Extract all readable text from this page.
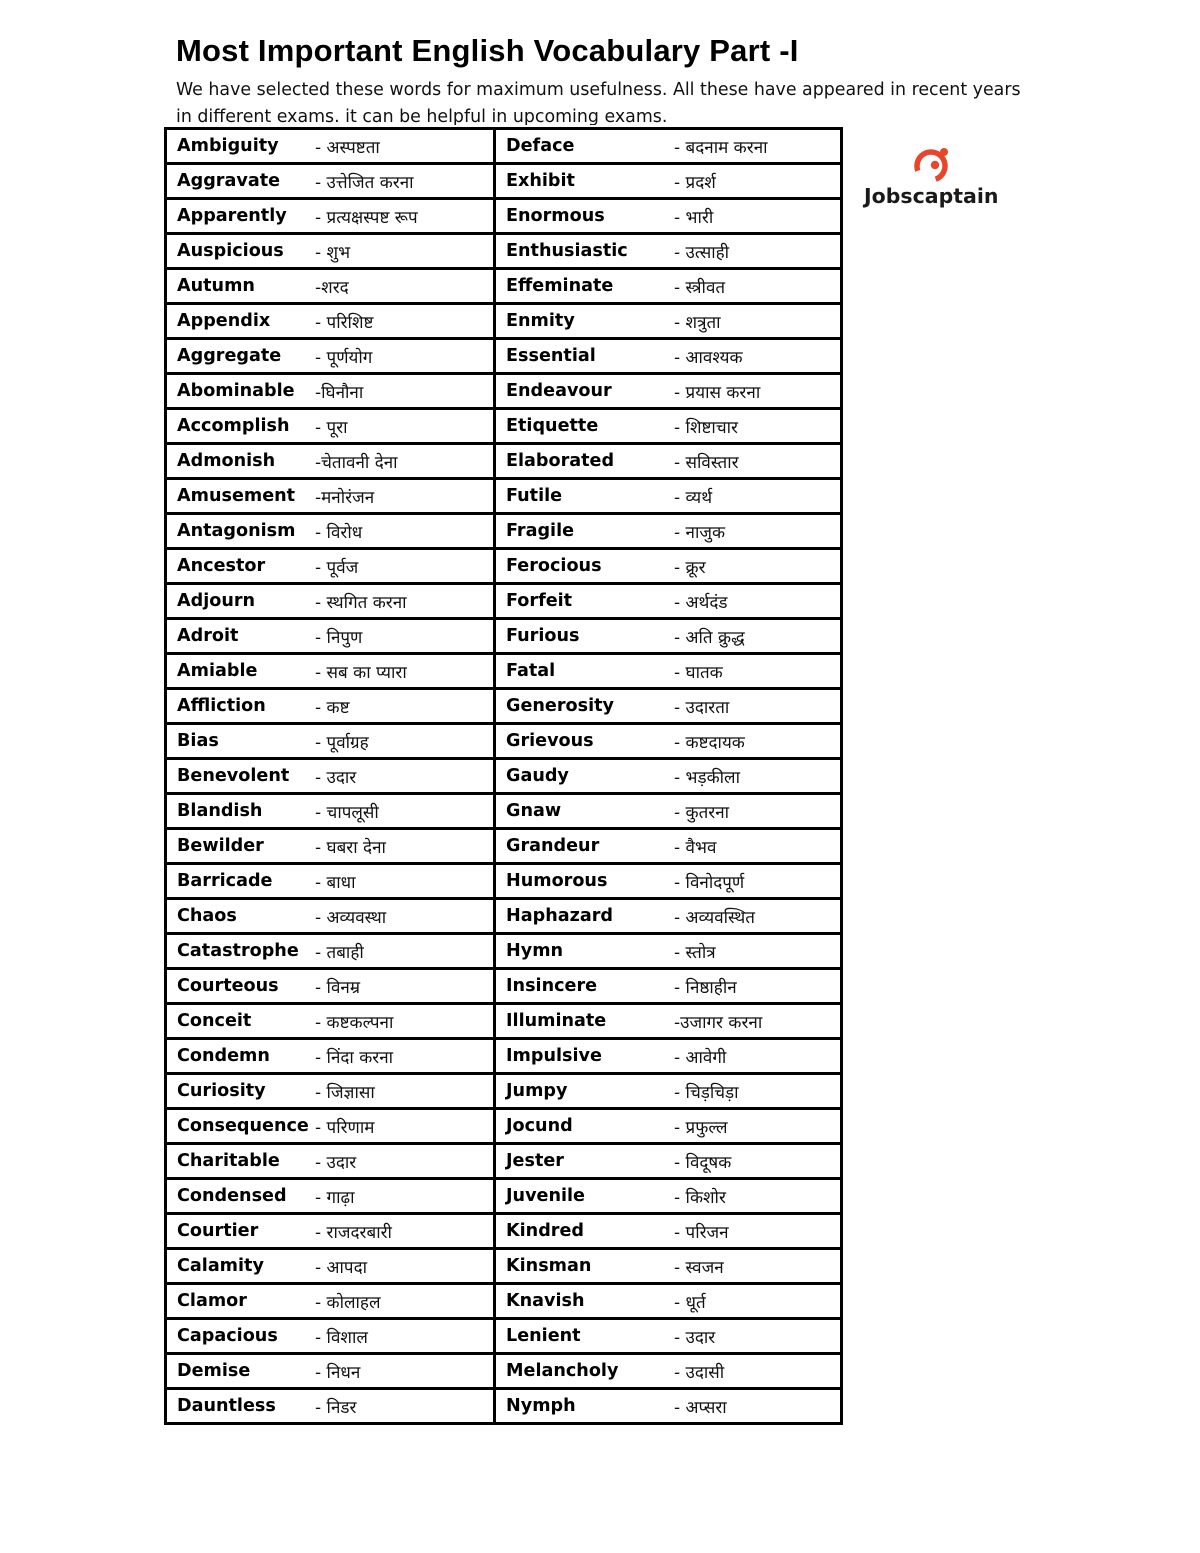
Most Important English Vocabulary Part -I
We have selected these words for maximum usefulness. All these have appeared in recent years in different exams. it can be helpful in upcoming exams.
Ambiguity - अस्पष्टता	Deface - बदनाम करना
Aggravate - उत्तेजित करना	Exhibit - प्रदर्श
Apparently - प्रत्यक्षस्पष्ट रूप	Enormous - भारी
Auspicious - शुभ	Enthusiastic - उत्साही
Autumn -शरद	Effeminate - स्त्रीवत
Appendix - परिशिष्ट	Enmity - शत्रुता
Aggregate - पूर्णयोग	Essential - आवश्यक
Abominable -घिनौना	Endeavour - प्रयास करना
Accomplish - पूरा	Etiquette - शिष्टाचार
Admonish -चेतावनी देना	Elaborated - सविस्तार
Amusement -मनोरंजन	Futile - व्यर्थ
Antagonism - विरोध	Fragile - नाजुक
Ancestor - पूर्वज	Ferocious - क्रूर
Adjourn - स्थगित करना	Forfeit - अर्थदंड
Adroit - निपुण	Furious - अति क्रुद्ध
Amiable - सब का प्यारा	Fatal - घातक
Affliction - कष्ट	Generosity - उदारता
Bias - पूर्वाग्रह	Grievous - कष्टदायक
Benevolent - उदार	Gaudy - भड़कीला
Blandish - चापलूसी	Gnaw - कुतरना
Bewilder - घबरा देना	Grandeur - वैभव
Barricade - बाधा	Humorous - विनोदपूर्ण
Chaos - अव्यवस्था	Haphazard - अव्यवस्थित
Catastrophe - तबाही	Hymn - स्तोत्र
Courteous - विनम्र	Insincere - निष्ठाहीन
Conceit - कष्टकल्पना	Illuminate -उजागर करना
Condemn - निंदा करना	Impulsive - आवेगी
Curiosity - जिज्ञासा	Jumpy - चिड़चिड़ा
Consequence - परिणाम	Jocund - प्रफुल्ल
Charitable - उदार	Jester - विदूषक
Condensed - गाढ़ा	Juvenile - किशोर
Courtier - राजदरबारी	Kindred - परिजन
Calamity - आपदा	Kinsman - स्वजन
Clamor - कोलाहल	Knavish - धूर्त
Capacious - विशाल	Lenient - उदार
Demise - निधन	Melancholy - उदासी
Dauntless - निडर	Nymph - अप्सरा
Jobscaptain
